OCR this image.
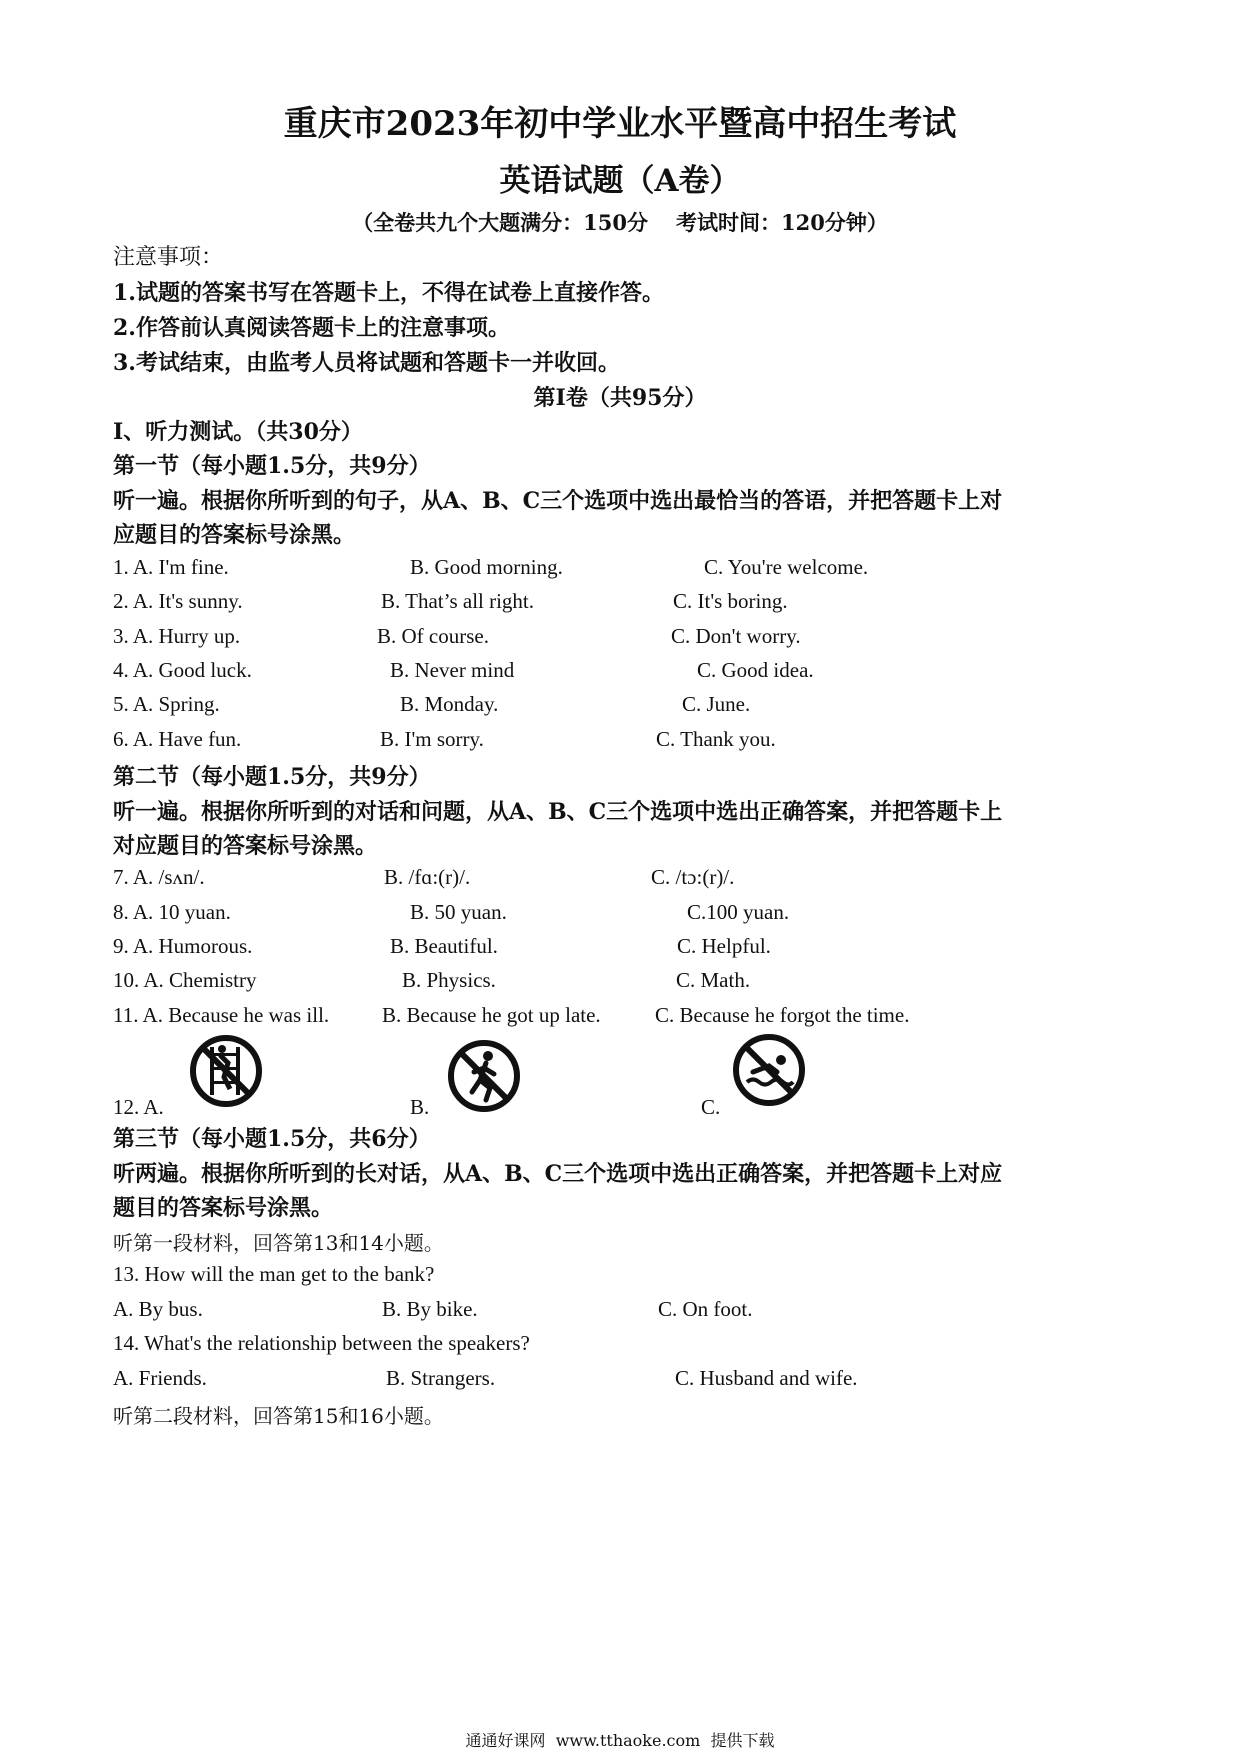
重庆市2023年初中学业水平暨高中招生考试
英语试题（A卷）
（全卷共九个大题满分：150分 考试时间：120分钟）
注意事项：
1.试题的答案书写在答题卡上，不得在试卷上直接作答。
2.作答前认真阅读答题卡上的注意事项。
3.考试结束，由监考人员将试题和答题卡一并收回。
第Ⅰ卷（共95分）
Ⅰ、听力测试。（共30分）
第一节（每小题1.5分，共9分）
听一遍。根据你所听到的句子，从A、B、C三个选项中选出最恰当的答语，并把答题卡上对
应题目的答案标号涂黑。
1. A. I'm fine.	B. Good morning.	C. You're welcome.
2. A. It's sunny.	B. That’s all right.	C. It's boring.
3. A. Hurry up.	B. Of course.	C. Don't worry.
4. A. Good luck.	B. Never mind	C. Good idea.
5. A. Spring.	B. Monday.	C. June.
6. A. Have fun.	B. I'm sorry.	C. Thank you.
第二节（每小题1.5分，共9分）
听一遍。根据你所听到的对话和问题，从A、B、C三个选项中选出正确答案，并把答题卡上
对应题目的答案标号涂黑。
7. A. /sʌn/.	B. /fɑ:(r)/.	C. /tɔ:(r)/.
8. A. 10 yuan.	B. 50 yuan.	C.100 yuan.
9. A. Humorous.	B. Beautiful.	C. Helpful.
10. A. Chemistry	B. Physics.	C. Math.
11. A. Because he was ill.	B. Because he got up late.	C. Because he forgot the time.
12. A.	B.	C.
第三节（每小题1.5分，共6分）
听两遍。根据你所听到的长对话，从A、B、C三个选项中选出正确答案，并把答题卡上对应
题目的答案标号涂黑。
听第一段材料，回答第13和14小题。
13. How will the man get to the bank?
A. By bus.	B. By bike.	C. On foot.
14. What's the relationship between the speakers?
A. Friends.	B. Strangers.	C. Husband and wife.
听第二段材料，回答第15和16小题。
通通好课网 www.tthaoke.com 提供下载
